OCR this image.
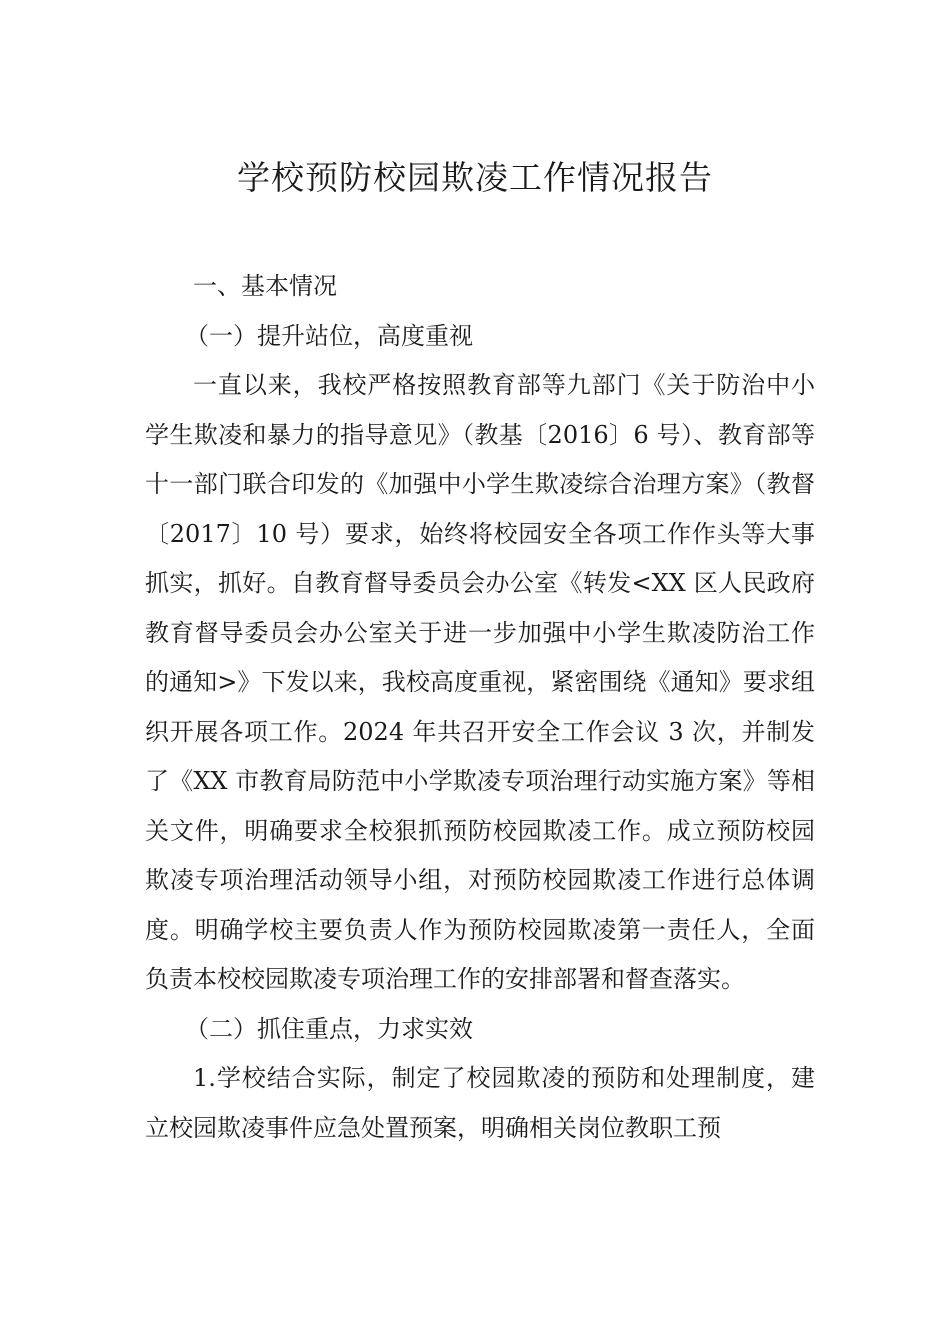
学校预防校园欺凌工作情况报告

一、基本情况

（一）提升站位，高度重视

一直以来，我校严格按照教育部等九部门《关于防治中小学生欺凌和暴力的指导意见》（教基〔2016〕6 号）、教育部等十一部门联合印发的《加强中小学生欺凌综合治理方案》（教督〔2017〕10 号）要求，始终将校园安全各项工作作头等大事抓实，抓好。自教育督导委员会办公室《转发<XX 区人民政府教育督导委员会办公室关于进一步加强中小学生欺凌防治工作的通知>》下发以来，我校高度重视，紧密围绕《通知》要求组织开展各项工作。2024 年共召开安全工作会议 3 次，并制发了《XX 市教育局防范中小学欺凌专项治理行动实施方案》等相关文件，明确要求全校狠抓预防校园欺凌工作。成立预防校园欺凌专项治理活动领导小组，对预防校园欺凌工作进行总体调度。明确学校主要负责人作为预防校园欺凌第一责任人，全面负责本校校园欺凌专项治理工作的安排部署和督查落实。

（二）抓住重点，力求实效

1.学校结合实际，制定了校园欺凌的预防和处理制度，建立校园欺凌事件应急处置预案，明确相关岗位教职工预
